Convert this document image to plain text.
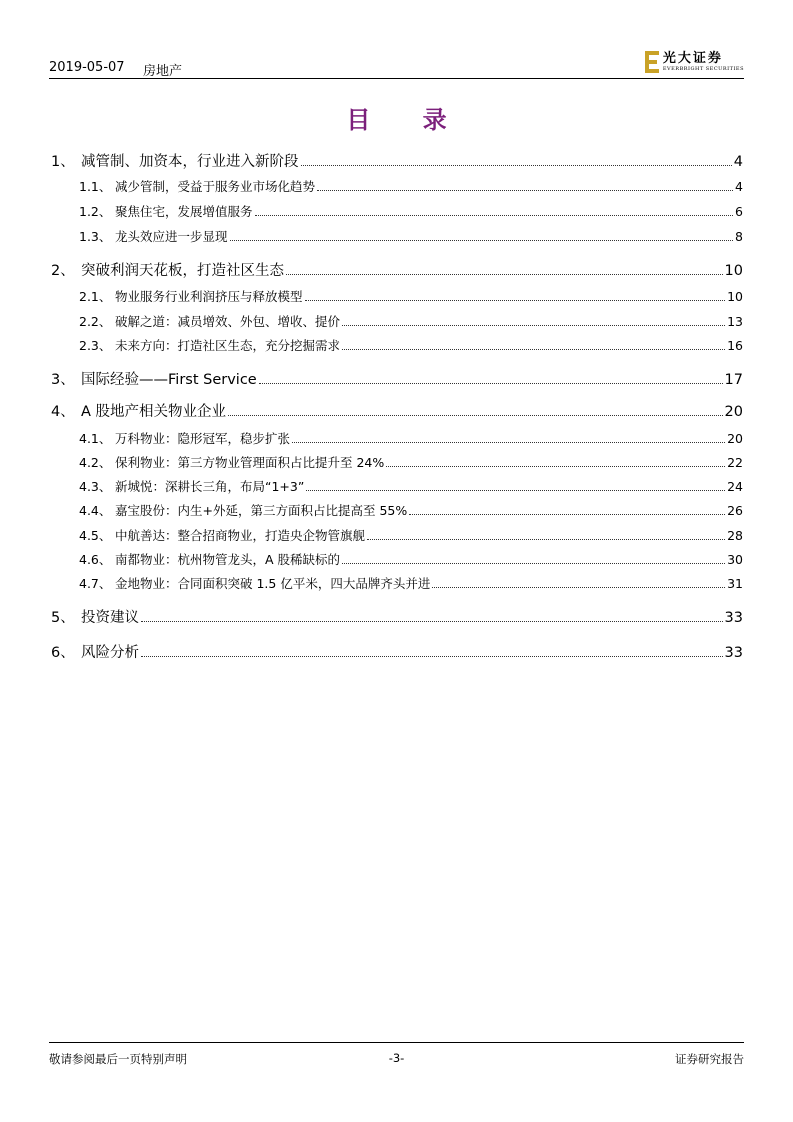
2019-05-07 房地产
光大证券
EVERBRIGHT SECURITIES
目 录
1、 减管制、加资本，行业进入新阶段	4
1.1、 减少管制，受益于服务业市场化趋势	4
1.2、 聚焦住宅，发展增值服务	6
1.3、 龙头效应进一步显现	8
2、 突破利润天花板，打造社区生态	10
2.1、 物业服务行业利润挤压与释放模型	10
2.2、 破解之道：减员增效、外包、增收、提价	13
2.3、 未来方向：打造社区生态，充分挖掘需求	16
3、 国际经验——First Service	17
4、 A 股地产相关物业企业	20
4.1、 万科物业：隐形冠军，稳步扩张	20
4.2、 保利物业：第三方物业管理面积占比提升至 24%	22
4.3、 新城悦：深耕长三角，布局“1+3”	24
4.4、 嘉宝股份：内生+外延，第三方面积占比提高至 55%	26
4.5、 中航善达：整合招商物业，打造央企物管旗舰	28
4.6、 南都物业：杭州物管龙头，A 股稀缺标的	30
4.7、 金地物业：合同面积突破 1.5 亿平米，四大品牌齐头并进	31
5、 投资建议	33
6、 风险分析	33
敬请参阅最后一页特别声明	-3-	证券研究报告
